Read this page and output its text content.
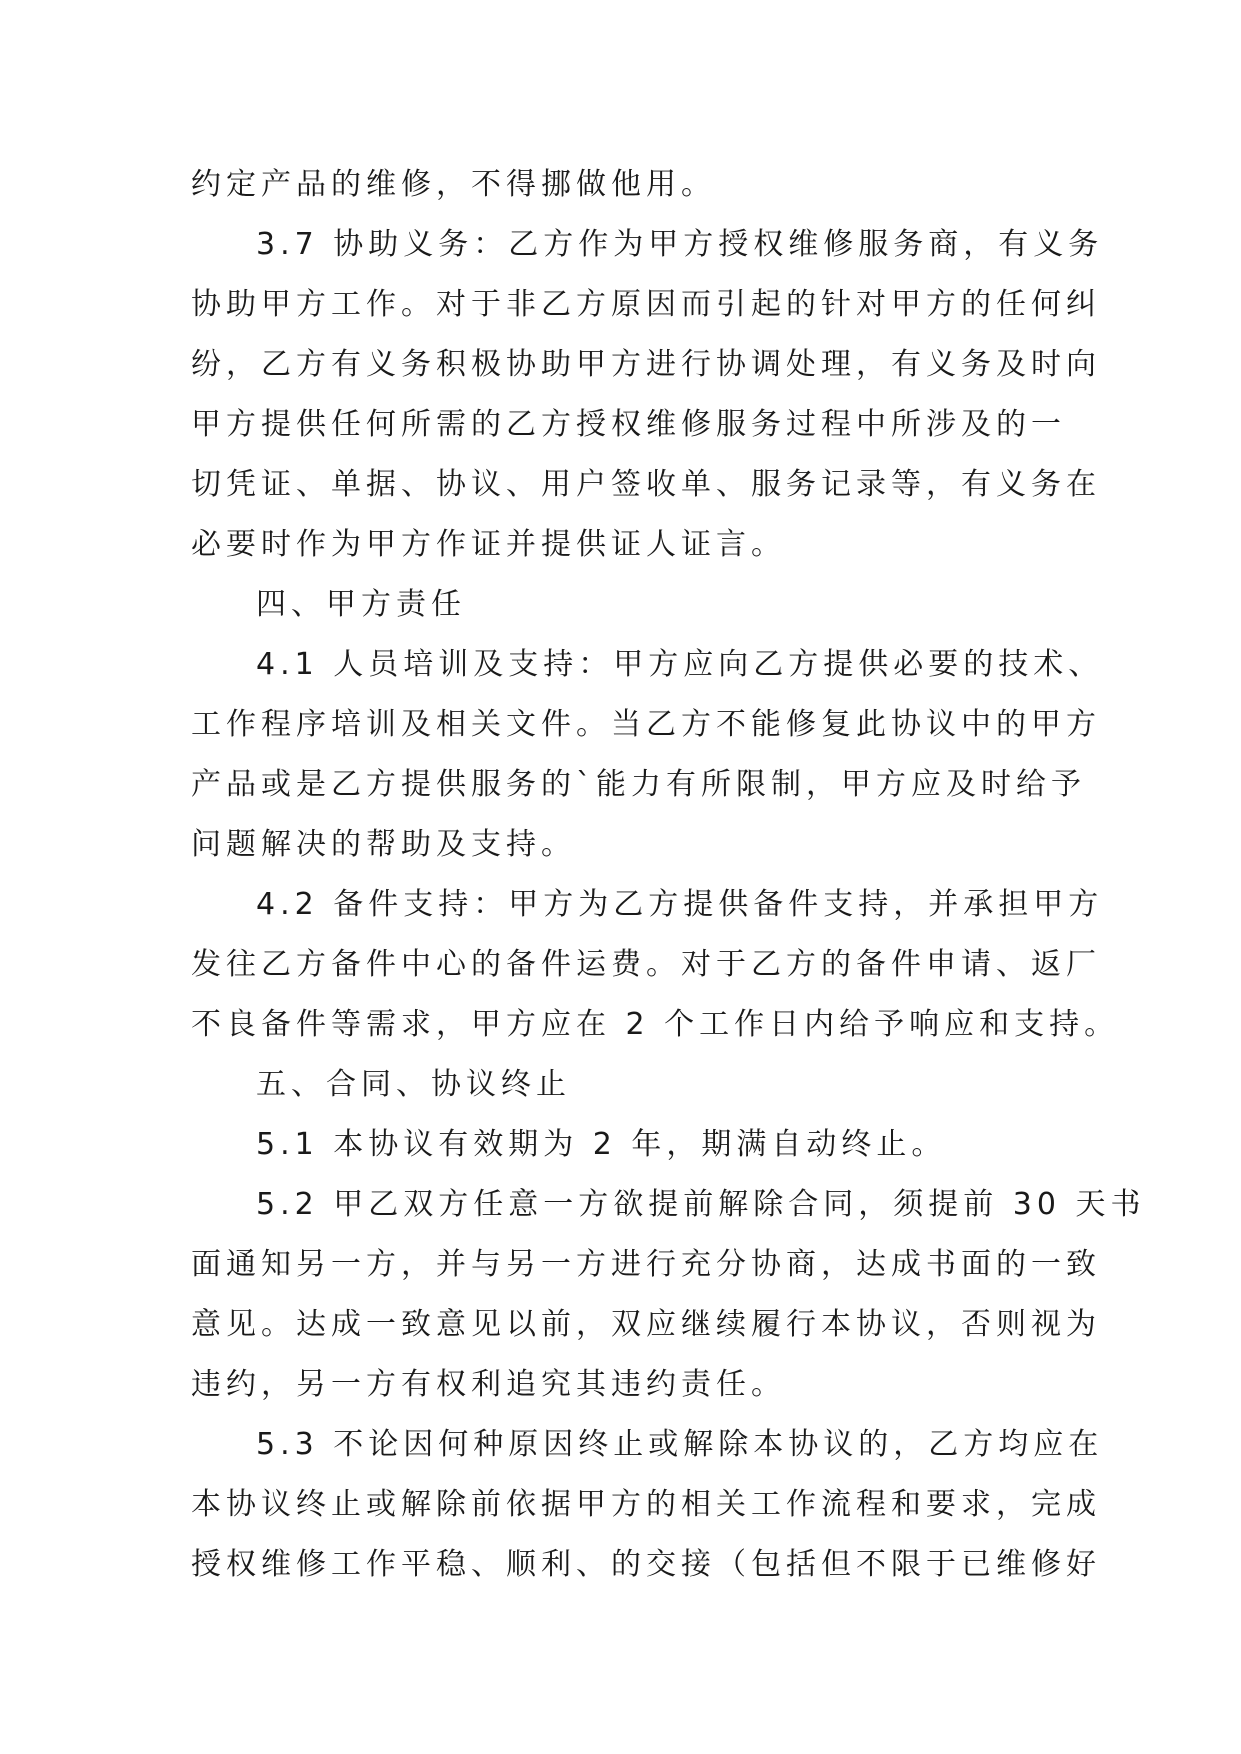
约定产品的维修，不得挪做他用。
3.7 协助义务：乙方作为甲方授权维修服务商，有义务
协助甲方工作。对于非乙方原因而引起的针对甲方的任何纠
纷，乙方有义务积极协助甲方进行协调处理，有义务及时向
甲方提供任何所需的乙方授权维修服务过程中所涉及的一
切凭证、单据、协议、用户签收单、服务记录等，有义务在
必要时作为甲方作证并提供证人证言。
四、甲方责任
4.1 人员培训及支持：甲方应向乙方提供必要的技术、
工作程序培训及相关文件。当乙方不能修复此协议中的甲方
产品或是乙方提供服务的`能力有所限制，甲方应及时给予
问题解决的帮助及支持。
4.2 备件支持：甲方为乙方提供备件支持，并承担甲方
发往乙方备件中心的备件运费。对于乙方的备件申请、返厂
不良备件等需求，甲方应在 2 个工作日内给予响应和支持。
五、合同、协议终止
5.1 本协议有效期为 2 年，期满自动终止。
5.2 甲乙双方任意一方欲提前解除合同，须提前 30 天书
面通知另一方，并与另一方进行充分协商，达成书面的一致
意见。达成一致意见以前，双应继续履行本协议，否则视为
违约，另一方有权利追究其违约责任。
5.3 不论因何种原因终止或解除本协议的，乙方均应在
本协议终止或解除前依据甲方的相关工作流程和要求，完成
授权维修工作平稳、顺利、的交接（包括但不限于已维修好
